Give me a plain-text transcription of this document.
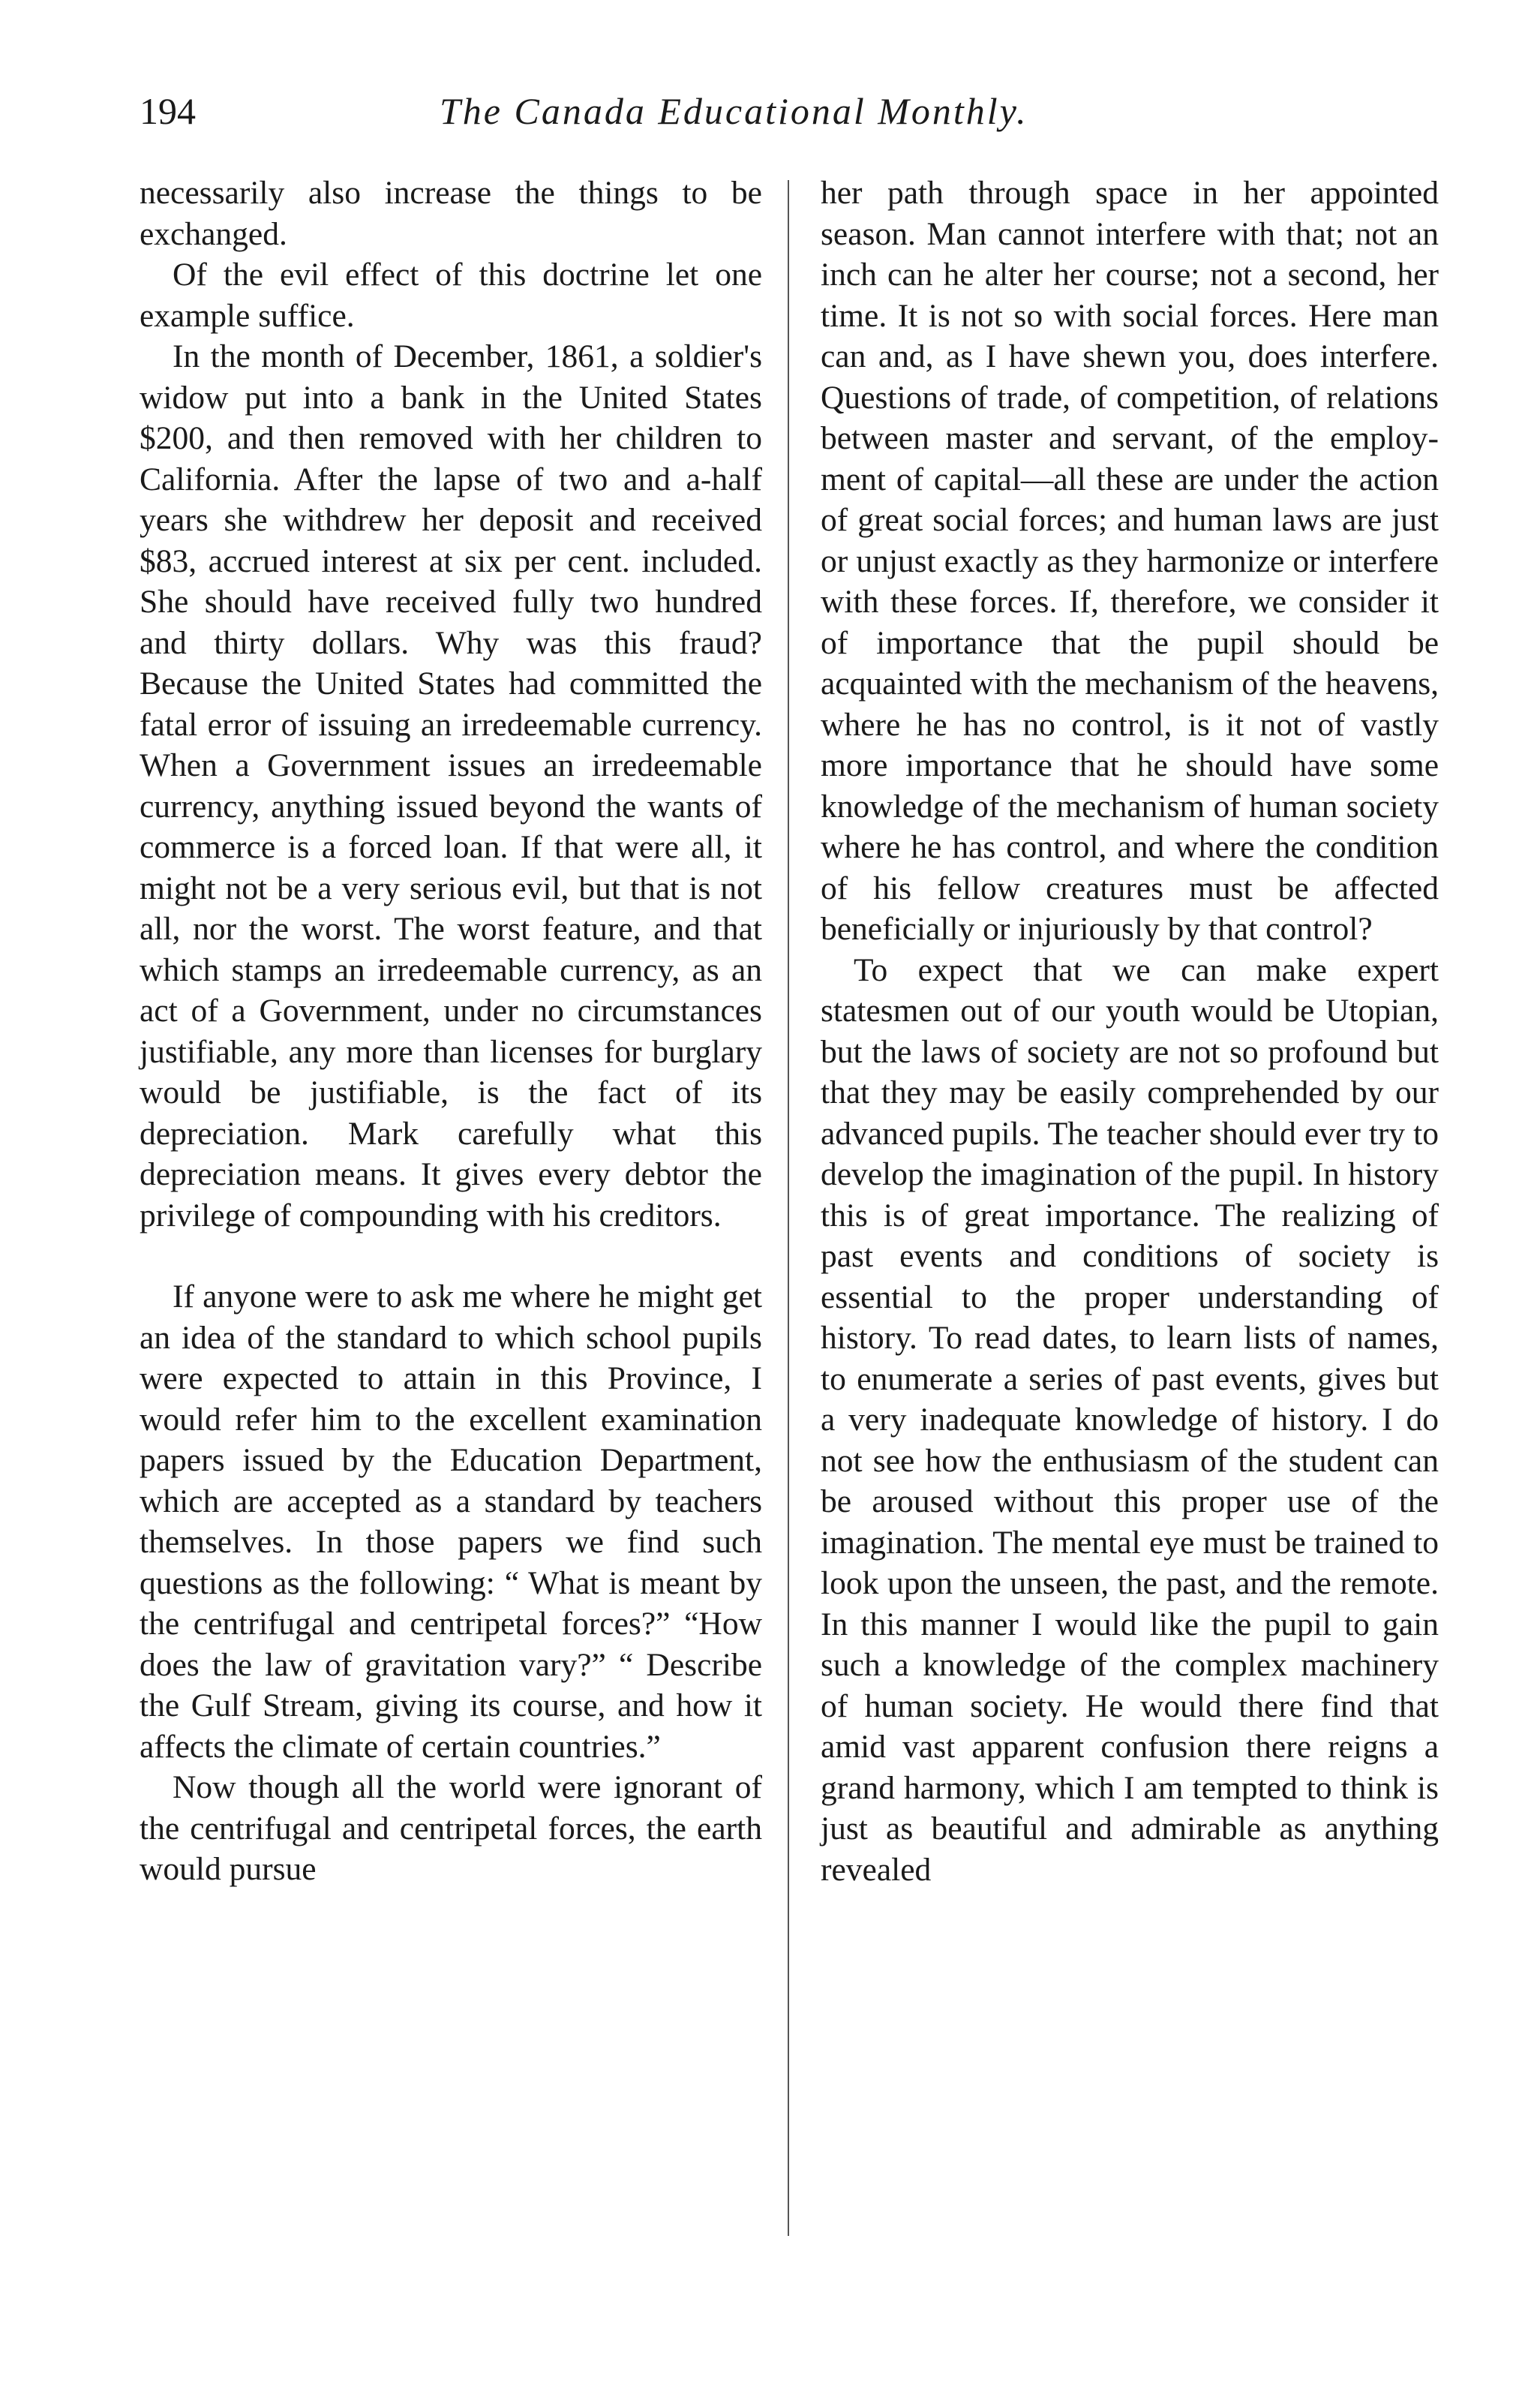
194	The Canada Educational Monthly.

necessarily also increase the things to be exchanged.

Of the evil effect of this doctrine let one example suffice.

In the month of December, 1861, a soldier's widow put into a bank in the United States $200, and then removed with her children to California. After the lapse of two and a-half years she withdrew her deposit and received $83, accrued interest at six per cent. included. She should have received fully two hundred and thirty dollars. Why was this fraud? Because the United States had committed the fatal error of issuing an irredeemable currency. When a Government issues an irredeemable currency, anything issued beyond the wants of commerce is a forced loan. If that were all, it might not be a very serious evil, but that is not all, nor the worst. The worst feature, and that which stamps an irredeemable currency, as an act of a Government, under no circumstances justifiable, any more than licenses for burglary would be justifiable, is the fact of its depreciation. Mark carefully what this depreciation means. It gives every debtor the privilege of compounding with his creditors.

If anyone were to ask me where he might get an idea of the standard to which school pupils were expected to attain in this Province, I would refer him to the excellent examination papers issued by the Education Department, which are accepted as a standard by teachers themselves. In those papers we find such questions as the following: “ What is meant by the centrifugal and centripetal forces?” “How does the law of gravitation vary?” “ Describe the Gulf Stream, giving its course, and how it affects the climate of certain countries.”

Now though all the world were ignorant of the centrifugal and centripetal forces, the earth would pursue

her path through space in her appointed season. Man cannot interfere with that; not an inch can he alter her course; not a second, her time. It is not so with social forces. Here man can and, as I have shewn you, does interfere. Questions of trade, of competition, of relations between master and servant, of the employment of capital—all these are under the action of great social forces; and human laws are just or unjust exactly as they harmonize or interfere with these forces. If, therefore, we consider it of importance that the pupil should be acquainted with the mechanism of the heavens, where he has no control, is it not of vastly more importance that he should have some knowledge of the mechanism of human society where he has control, and where the condition of his fellow creatures must be affected beneficially or injuriously by that control?

To expect that we can make expert statesmen out of our youth would be Utopian, but the laws of society are not so profound but that they may be easily comprehended by our advanced pupils. The teacher should ever try to develop the imagination of the pupil. In history this is of great importance. The realizing of past events and conditions of society is essential to the proper understanding of history. To read dates, to learn lists of names, to enumerate a series of past events, gives but a very inadequate knowledge of history. I do not see how the enthusiasm of the student can be aroused without this proper use of the imagination. The mental eye must be trained to look upon the unseen, the past, and the remote. In this manner I would like the pupil to gain such a knowledge of the complex machinery of human society. He would there find that amid vast apparent confusion there reigns a grand harmony, which I am tempted to think is just as beautiful and admirable as anything revealed
